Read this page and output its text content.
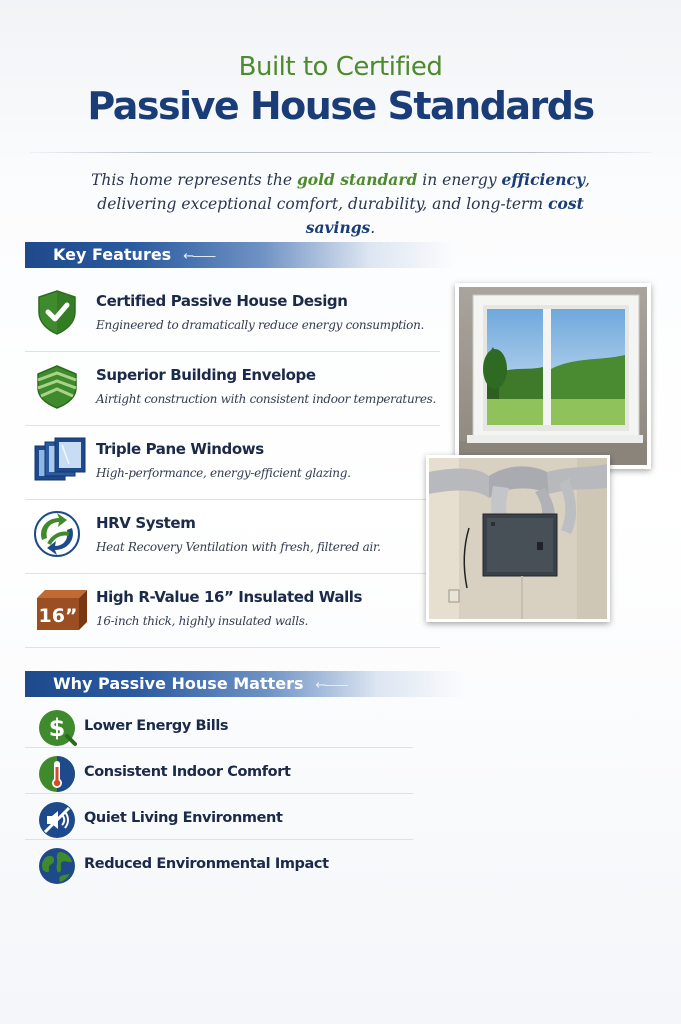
Built to Certified
Passive House Standards

This home represents the gold standard in energy efficiency, delivering exceptional comfort, durability, and long-term cost savings.

Key Features ←——
Certified Passive House Design
Engineered to dramatically reduce energy consumption.
Superior Building Envelope
Airtight construction with consistent indoor temperatures.
Triple Pane Windows
High-performance, energy-efficient glazing.
HRV System
Heat Recovery Ventilation with fresh, filtered air.
16”
High R-Value 16” Insulated Walls
16-inch thick, highly insulated walls.
Why Passive House Matters ←——
$ Lower Energy Bills
Consistent Indoor Comfort
Quiet Living Environment
Reduced Environmental Impact
